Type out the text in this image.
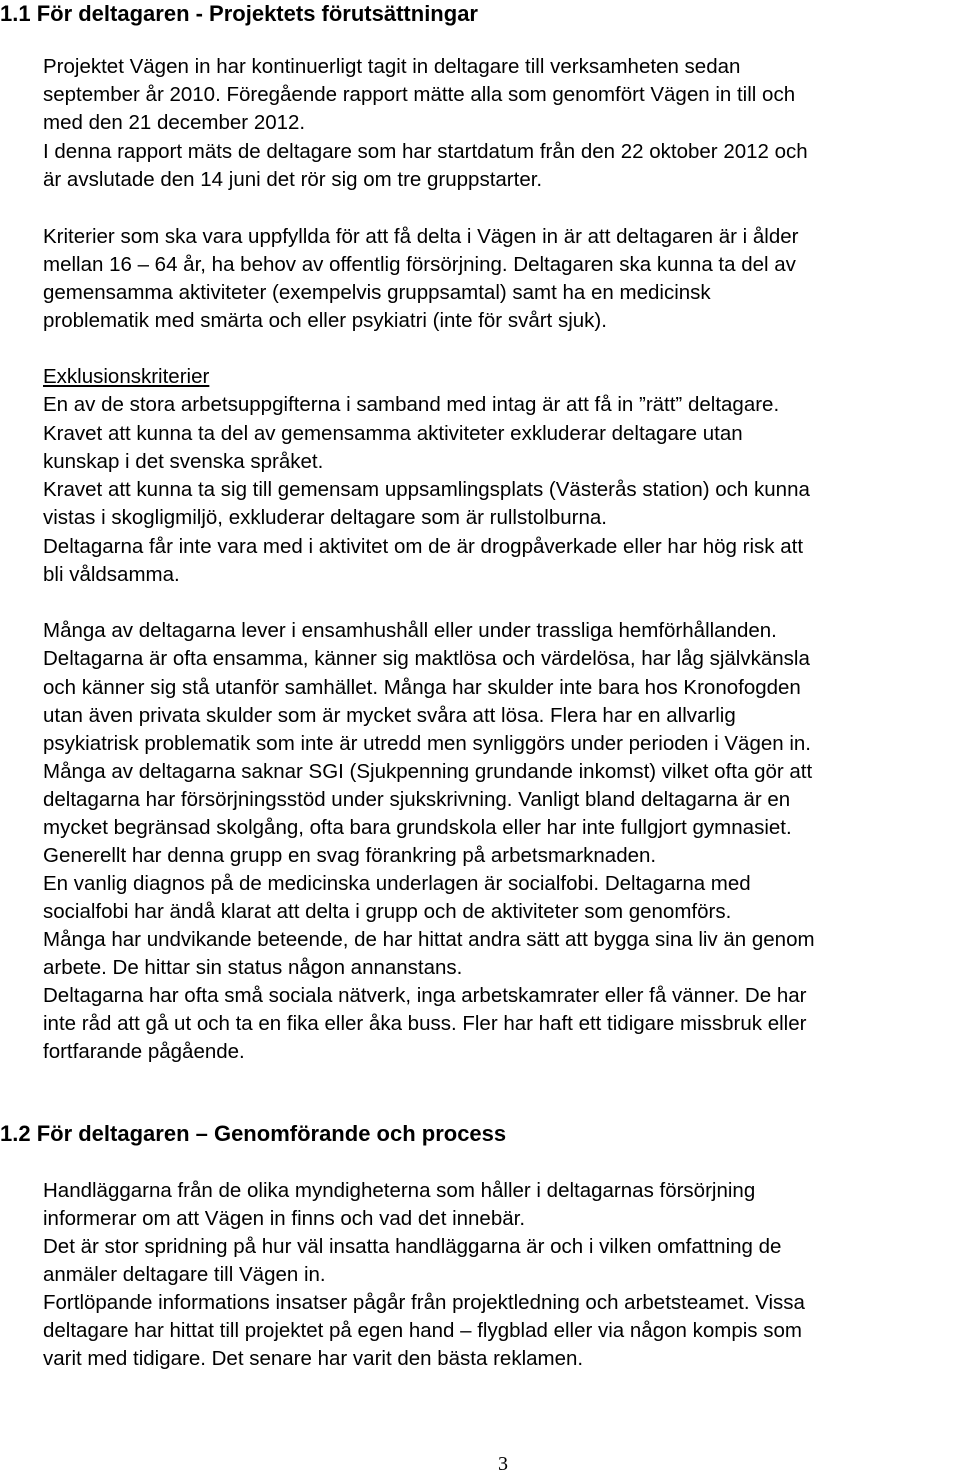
1.1 För deltagaren - Projektets förutsättningar
Projektet Vägen in har kontinuerligt tagit in deltagare till verksamheten sedan
september år 2010. Föregående rapport mätte alla som genomfört Vägen in till och
med den 21 december 2012.
I denna rapport mäts de deltagare som har startdatum från den 22 oktober 2012 och
är avslutade den 14 juni det rör sig om tre gruppstarter.
Kriterier som ska vara uppfyllda för att få delta i Vägen in är att deltagaren är i ålder
mellan 16 – 64 år, ha behov av offentlig försörjning. Deltagaren ska kunna ta del av
gemensamma aktiviteter (exempelvis gruppsamtal) samt ha en medicinsk
problematik med smärta och eller psykiatri (inte för svårt sjuk).
Exklusionskriterier
En av de stora arbetsuppgifterna i samband med intag är att få in ”rätt” deltagare.
Kravet att kunna ta del av gemensamma aktiviteter exkluderar deltagare utan
kunskap i det svenska språket.
Kravet att kunna ta sig till gemensam uppsamlingsplats (Västerås station) och kunna
vistas i skogligmiljö, exkluderar deltagare som är rullstolburna.
Deltagarna får inte vara med i aktivitet om de är drogpåverkade eller har hög risk att
bli våldsamma.
Många av deltagarna lever i ensamhushåll eller under trassliga hemförhållanden.
Deltagarna är ofta ensamma, känner sig maktlösa och värdelösa, har låg självkänsla
och känner sig stå utanför samhället. Många har skulder inte bara hos Kronofogden
utan även privata skulder som är mycket svåra att lösa. Flera har en allvarlig
psykiatrisk problematik som inte är utredd men synliggörs under perioden i Vägen in.
Många av deltagarna saknar SGI (Sjukpenning grundande inkomst) vilket ofta gör att
deltagarna har försörjningsstöd under sjukskrivning. Vanligt bland deltagarna är en
mycket begränsad skolgång, ofta bara grundskola eller har inte fullgjort gymnasiet.
Generellt har denna grupp en svag förankring på arbetsmarknaden.
En vanlig diagnos på de medicinska underlagen är socialfobi. Deltagarna med
socialfobi har ändå klarat att delta i grupp och de aktiviteter som genomförs.
Många har undvikande beteende, de har hittat andra sätt att bygga sina liv än genom
arbete. De hittar sin status någon annanstans.
Deltagarna har ofta små sociala nätverk, inga arbetskamrater eller få vänner. De har
inte råd att gå ut och ta en fika eller åka buss. Fler har haft ett tidigare missbruk eller
fortfarande pågående.
1.2 För deltagaren – Genomförande och process
Handläggarna från de olika myndigheterna som håller i deltagarnas försörjning
informerar om att Vägen in finns och vad det innebär.
Det är stor spridning på hur väl insatta handläggarna är och i vilken omfattning de
anmäler deltagare till Vägen in.
Fortlöpande informations insatser pågår från projektledning och arbetsteamet. Vissa
deltagare har hittat till projektet på egen hand – flygblad eller via någon kompis som
varit med tidigare. Det senare har varit den bästa reklamen.
3
